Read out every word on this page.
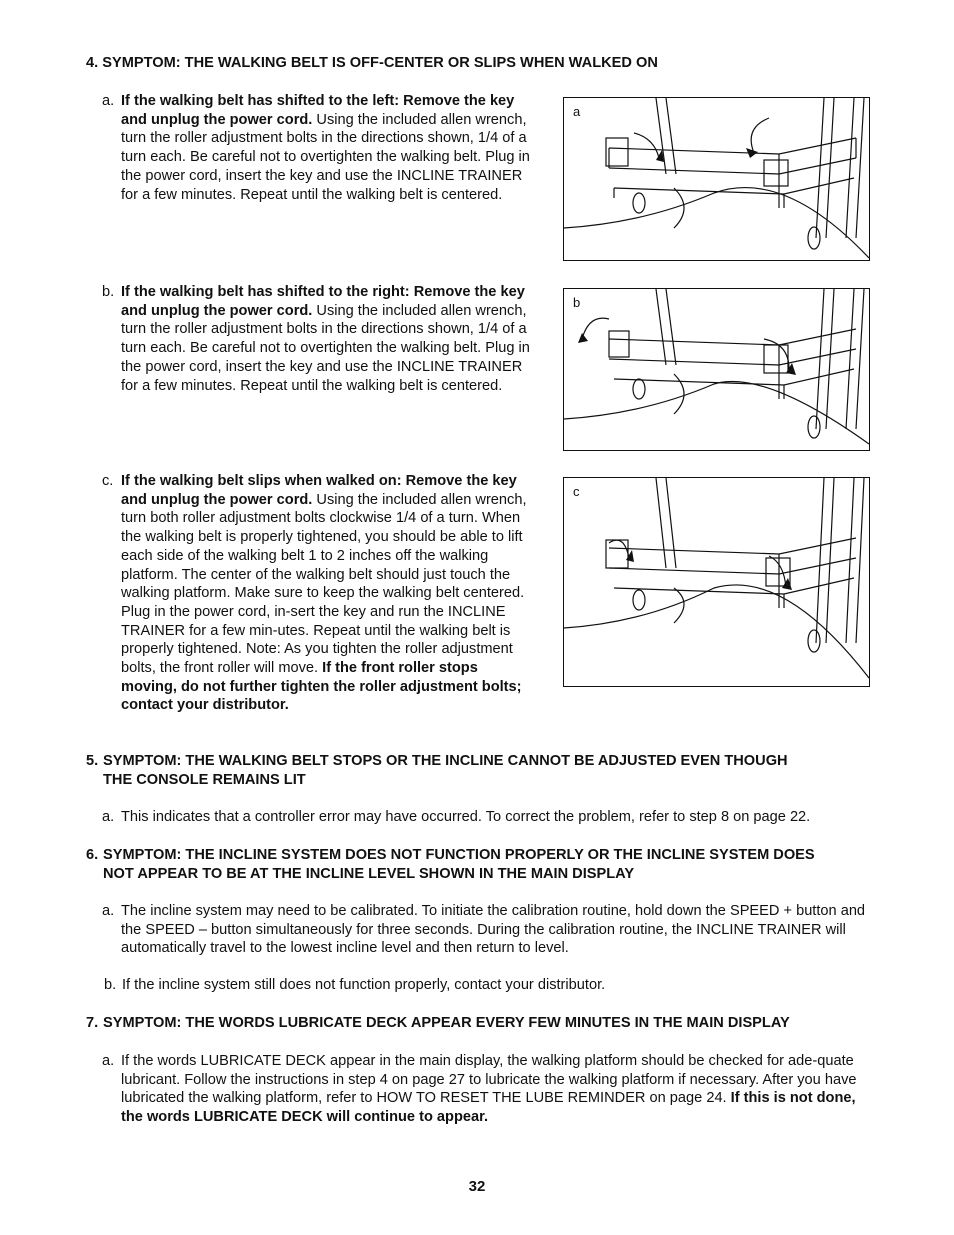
4. SYMPTOM: THE WALKING BELT IS OFF-CENTER OR SLIPS WHEN WALKED ON
a. If the walking belt has shifted to the left: Remove the key and unplug the power cord. Using the included allen wrench, turn the roller adjustment bolts in the directions shown, 1/4 of a turn each. Be careful not to overtighten the walking belt. Plug in the power cord, insert the key and use the INCLINE TRAINER for a few minutes. Repeat until the walking belt is centered.
b. If the walking belt has shifted to the right: Remove the key and unplug the power cord. Using the included allen wrench, turn the roller adjustment bolts in the directions shown, 1/4 of a turn each. Be careful not to overtighten the walking belt. Plug in the power cord, insert the key and use the INCLINE TRAINER for a few minutes. Repeat until the walking belt is centered.
c. If the walking belt slips when walked on: Remove the key and unplug the power cord. Using the included allen wrench, turn both roller adjustment bolts clockwise 1/4 of a turn. When the walking belt is properly tightened, you should be able to lift each side of the walking belt 1 to 2 inches off the walking platform. The center of the walking belt should just touch the walking platform. Make sure to keep the walking belt centered. Plug in the power cord, in-sert the key and run the INCLINE TRAINER for a few min-utes. Repeat until the walking belt is properly tightened. Note: As you tighten the roller adjustment bolts, the front roller will move. If the front roller stops moving, do not further tighten the roller adjustment bolts; contact your distributor.
a
b
c
5. SYMPTOM: THE WALKING BELT STOPS OR THE INCLINE CANNOT BE ADJUSTED EVEN THOUGH
THE CONSOLE REMAINS LIT
a. This indicates that a controller error may have occurred. To correct the problem, refer to step 8 on page 22.
6. SYMPTOM: THE INCLINE SYSTEM DOES NOT FUNCTION PROPERLY OR THE INCLINE SYSTEM DOES
NOT APPEAR TO BE AT THE INCLINE LEVEL SHOWN IN THE MAIN DISPLAY
a. The incline system may need to be calibrated. To initiate the calibration routine, hold down the SPEED + button and the SPEED – button simultaneously for three seconds. During the calibration routine, the INCLINE TRAINER will automatically travel to the lowest incline level and then return to level.
b. If the incline system still does not function properly, contact your distributor.
7. SYMPTOM: THE WORDS LUBRICATE DECK APPEAR EVERY FEW MINUTES IN THE MAIN DISPLAY
a. If the words LUBRICATE DECK appear in the main display, the walking platform should be checked for ade-quate lubricant. Follow the instructions in step 4 on page 27 to lubricate the walking platform if necessary. After you have lubricated the walking platform, refer to HOW TO RESET THE LUBE REMINDER on page 24. If this is not done, the words LUBRICATE DECK will continue to appear.
32
